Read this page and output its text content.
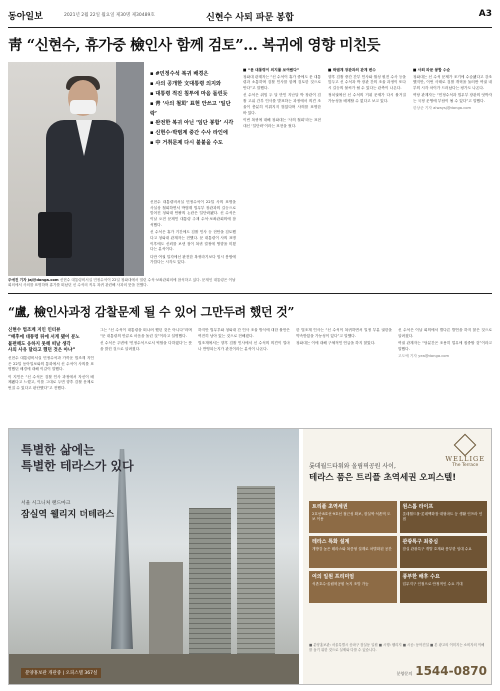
동아일보	2021년 2월 22일 월요일 제30명 제30489호	신현수 사퇴 파문 봉합	A3
靑 “신현수, 휴가중 檢인사 함께 검토”… 복귀에 영향 미친듯
주애진 기자 jaj@donga.com 신현수 대통령비서실 민정수석이 22일 청와대에서 열린 수석·보좌관회의에 참석하고 있다. 문재인 대통령은 이날 회의에서 사의를 표명하며 휴가를 떠났던 신 수석의 직무 복귀 관련해 사과의 뜻을 전했다.
▪ #민정수석 복귀 배경은
▪ 사의 공개한 文대통령 의지와
▪ 대통령 적진 침투에 마음 돌린듯
▪ 靑 ‘사의 철회’ 표현 안쓰고 ‘일단락’
▪ 완전한 복귀 아닌 ‘임단 봉합’ 시각
▪ 신현수·박범계 중간 수사 라인에
▪ 中 거취문제 다시 불붙을 수도

신현수 대통령비서실 민정수석이 22일 사의 표명을 사실상 철회하면서 박범계 법무부 장관과의 갈등으로 빚어진 청와대 안팎의 논란은 일단락됐다. 신 수석은 이날 오전 문재인 대통령 주재 수석·보좌관회의에 참석했다.

신 수석은 휴가 기간에도 검찰 인사 등 현안을 검토했다고 청와대 관계자는 전했다. 문 대통령이 사의 표명 이후에도 신뢰를 보낸 점이 복귀 결정에 영향을 미쳤다는 분석이다.

다만 여권 일각에선 완전한 복귀라기보다 임시 봉합에 가깝다는 시각도 있다.

■ “문 대통령이 의지를 보여줬다”

청와대 관계자는 “신 수석이 휴가 중에도 문 대통령과 소통하며 검찰 인사를 함께 검토한 것으로 안다”고 말했다.

신 수석은 취임 두 달 만인 지난달 박 장관이 검찰 고위 간부 인사를 발표하는 과정에서 의견 조율이 충분히 이뤄지지 않았다며 사의를 표명한 바 있다.

이번 복귀에 대해 청와대는 ‘사의 철회’라는 표현 대신 ‘일단락’이라는 표현을 썼다.

■ 박범계 장관과의 관계 변수

향후 검찰 중간 간부 인사와 월성 원전 수사 등을 앞두고 신 수석과 박 장관 간의 조율 과정이 또다시 갈등의 불씨가 될 수 있다는 관측이 나온다.

정치권에선 신 수석의 거취 문제가 다시 불거질 가능성을 배제할 수 없다고 보고 있다.

■ 사퇴 파문 봉합 수순

청와대는 신 수석 문제가 조기에 수습됐다고 강조했지만, 이번 사태로 검찰 개혁을 둘러싼 여권 내부의 시각 차이가 드러났다는 평가도 나온다.

여당 관계자는 “민정수석과 법무부 장관의 엇박자는 국정 운영에 부담이 될 수 있다”고 말했다.

한상준 기자 alwaysj@donga.com

“盧, 檢인사과정 감찰문제 될 수 있어 그만두려 했던 것”
신현수 법조계 지인 인터뷰
“배후에 대통령 뒤에 서게 됐어 분노
불편해도 응하지 못해 떠날 생각
사의 사유 달라고 했던 것은 아냐”

신현수 대통령비서실 민정수석과 가까운 법조계 지인은 22일 동아일보와의 통화에서 신 수석이 사의를 표명했던 배경에 대해 이같이 말했다.

이 지인은 “신 수석은 검찰 인사 과정에서 자신이 배제됐다고 느꼈고, 이를 그대로 두면 향후 감찰 문제로 번질 수 있다고 판단했다”고 전했다.

그는 “신 수석이 대통령을 떠나려 했던 것은 아니다”라며 “문 대통령의 만류로 마음을 돌린 것”이라고 설명했다.

신 수석은 주변에 ‘민정수석으로서 역할을 다하겠다’는 뜻을 밝힌 것으로 알려졌다.

하지만 법무부와 청와대 간 인사 조율 방식에 대한 불만은 여전히 남아 있는 것으로 전해졌다.

법조계에서는 향후 검찰 인사에서 신 수석의 의견이 얼마나 반영되는지가 관건이라는 분석이 나온다.

한 법조계 인사는 “신 수석이 복귀하면서 일정 부분 권한을 약속받았을 가능성이 있다”고 말했다.

청와대는 이에 대해 구체적인 언급을 하지 않았다.

신 수석은 이날 회의에서 별다른 발언을 하지 않은 것으로 알려졌다.

여권 관계자는 “당분간은 조용히 업무에 집중할 것”이라고 말했다.

고도예 기자 yea@donga.com

특별한 삶에는
특별한 테라스가 있다
서울 시그니처 랜드마크
잠실역 웰리지 더테라스
분양홍보관 개관중 | 오피스텔 367실
WELLIGE
The Terrace
롯데월드타워와 올림픽공원 사이,
테라스 품은 트리플 초역세권 오피스텔!
트리플 초역세권
2호선·8호선·9호선 접근성 확보, 잠실역·석촌역 도보 이용
원스톱 라이프
롯데월드몰·롯데백화점·대형마트 등 생활 인프라 인접
테라스 특화 설계
개방감 높은 테라스와 복층형 설계로 차별화된 공간
관광특구 최중심
잠실 관광특구 개발 호재와 풍부한 임대 수요
여의 일원 프리미엄
석촌호수·올림픽공원 녹지 조망 가능
풍부한 배후 수요
업무지구 인접으로 안정적인 수요 기대
■ 분양홍보관: 서울특별시 송파구 잠실동 일원 ■ 시행: 웰리지 ■ 시공: 동아건설 ■ 본 광고의 이미지는 소비자의 이해를 돕기 위한 것으로 실제와 다를 수 있습니다.
분양문의 1544-0870
